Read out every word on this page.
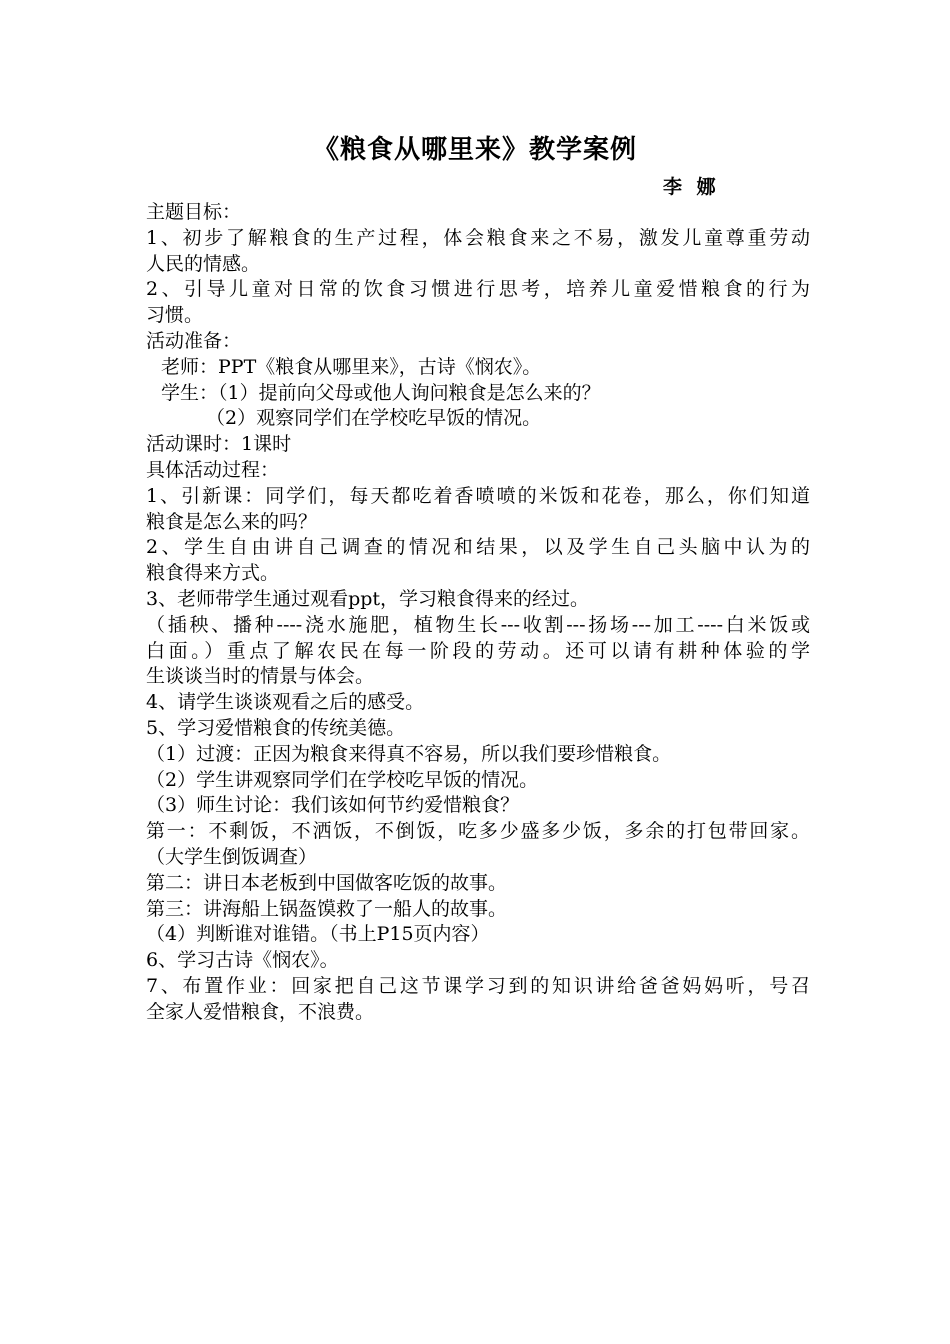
《粮食从哪里来》教学案例
李 娜
主题目标：
1、初步了解粮食的生产过程，体会粮食来之不易，激发儿童尊重劳动
人民的情感。
2、引导儿童对日常的饮食习惯进行思考，培养儿童爱惜粮食的行为
习惯。
活动准备：
老师：PPT《粮食从哪里来》，古诗《悯农》。
学生：（1）提前向父母或他人询问粮食是怎么来的？
（2）观察同学们在学校吃早饭的情况。
活动课时：1课时
具体活动过程：
1、引新课：同学们，每天都吃着香喷喷的米饭和花卷，那么，你们知道
粮食是怎么来的吗？
2、学生自由讲自己调查的情况和结果，以及学生自己头脑中认为的
粮食得来方式。
3、老师带学生通过观看ppt，学习粮食得来的经过。
（插秧、播种----浇水施肥，植物生长---收割---扬场---加工----白米饭或
白面。）重点了解农民在每一阶段的劳动。还可以请有耕种体验的学
生谈谈当时的情景与体会。
4、请学生谈谈观看之后的感受。
5、学习爱惜粮食的传统美德。
（1）过渡：正因为粮食来得真不容易，所以我们要珍惜粮食。
（2）学生讲观察同学们在学校吃早饭的情况。
（3）师生讨论：我们该如何节约爱惜粮食？
第一：不剩饭，不洒饭，不倒饭，吃多少盛多少饭，多余的打包带回家。
（大学生倒饭调查）
第二：讲日本老板到中国做客吃饭的故事。
第三：讲海船上锅盔馍救了一船人的故事。
（4）判断谁对谁错。（书上P15页内容）
6、学习古诗《悯农》。
7、布置作业：回家把自己这节课学习到的知识讲给爸爸妈妈听，号召
全家人爱惜粮食，不浪费。
